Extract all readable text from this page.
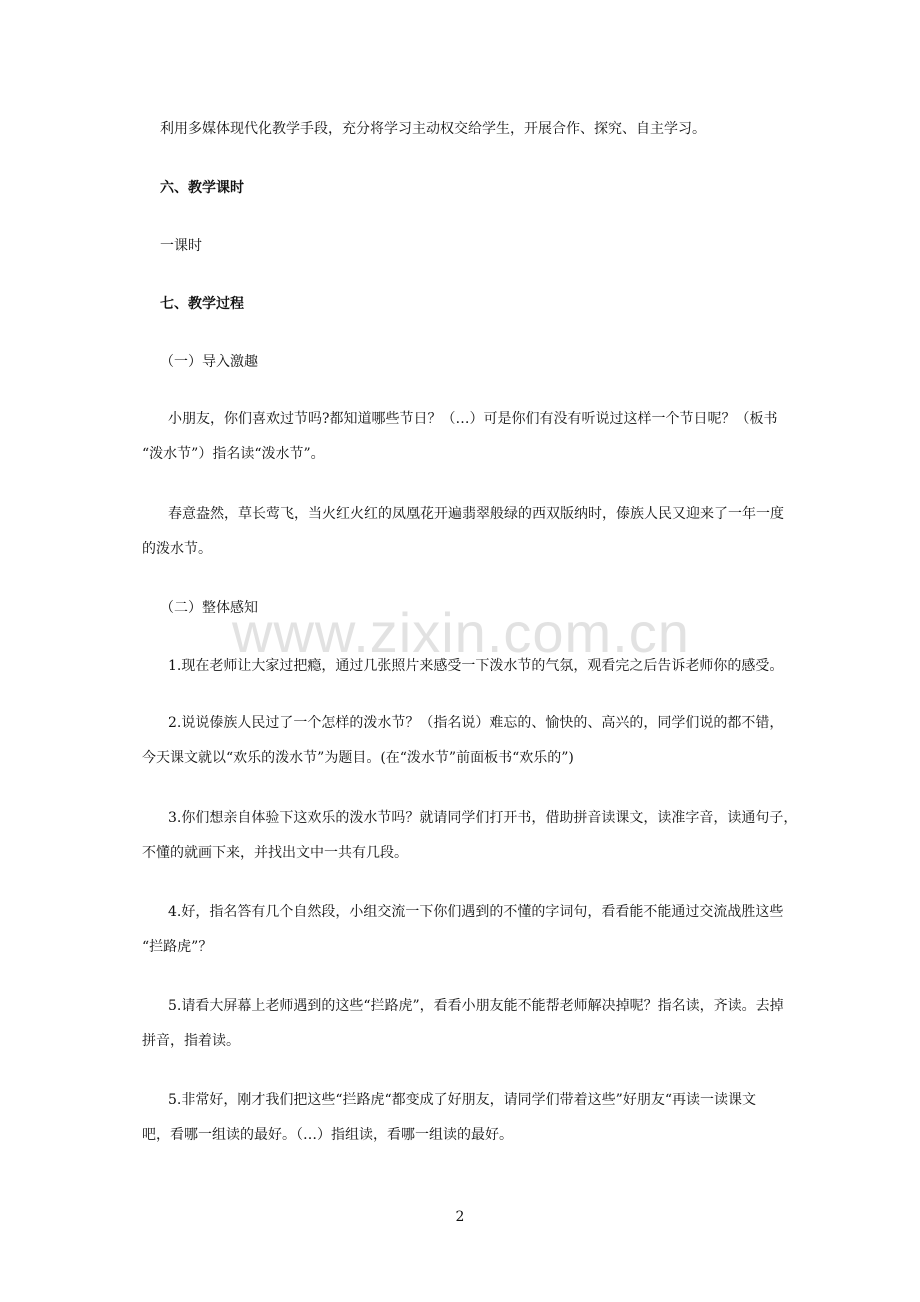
利用多媒体现代化教学手段，充分将学习主动权交给学生，开展合作、探究、自主学习。
六、教学课时
一课时
七、教学过程
（一）导入激趣
小朋友，你们喜欢过节吗?都知道哪些节日？（…）可是你们有没有听说过这样一个节日呢？（板书
“泼水节”）指名读“泼水节”。
春意盎然，草长莺飞，当火红火红的凤凰花开遍翡翠般绿的西双版纳时，傣族人民又迎来了一年一度
的泼水节。
（二）整体感知
1.现在老师让大家过把瘾，通过几张照片来感受一下泼水节的气氛，观看完之后告诉老师你的感受。
2.说说傣族人民过了一个怎样的泼水节？（指名说）难忘的、愉快的、高兴的，同学们说的都不错，
今天课文就以“欢乐的泼水节”为题目。(在“泼水节”前面板书“欢乐的”)
3.你们想亲自体验下这欢乐的泼水节吗？就请同学们打开书，借助拼音读课文，读准字音，读通句子，
不懂的就画下来，并找出文中一共有几段。
4.好，指名答有几个自然段，小组交流一下你们遇到的不懂的字词句，看看能不能通过交流战胜这些
“拦路虎”？
5.请看大屏幕上老师遇到的这些“拦路虎”，看看小朋友能不能帮老师解决掉呢？指名读，齐读。去掉
拼音，指着读。
5.非常好，刚才我们把这些“拦路虎“都变成了好朋友，请同学们带着这些”好朋友“再读一读课文
吧，看哪一组读的最好。（…）指组读，看哪一组读的最好。
www.zixin.com.cn
2
